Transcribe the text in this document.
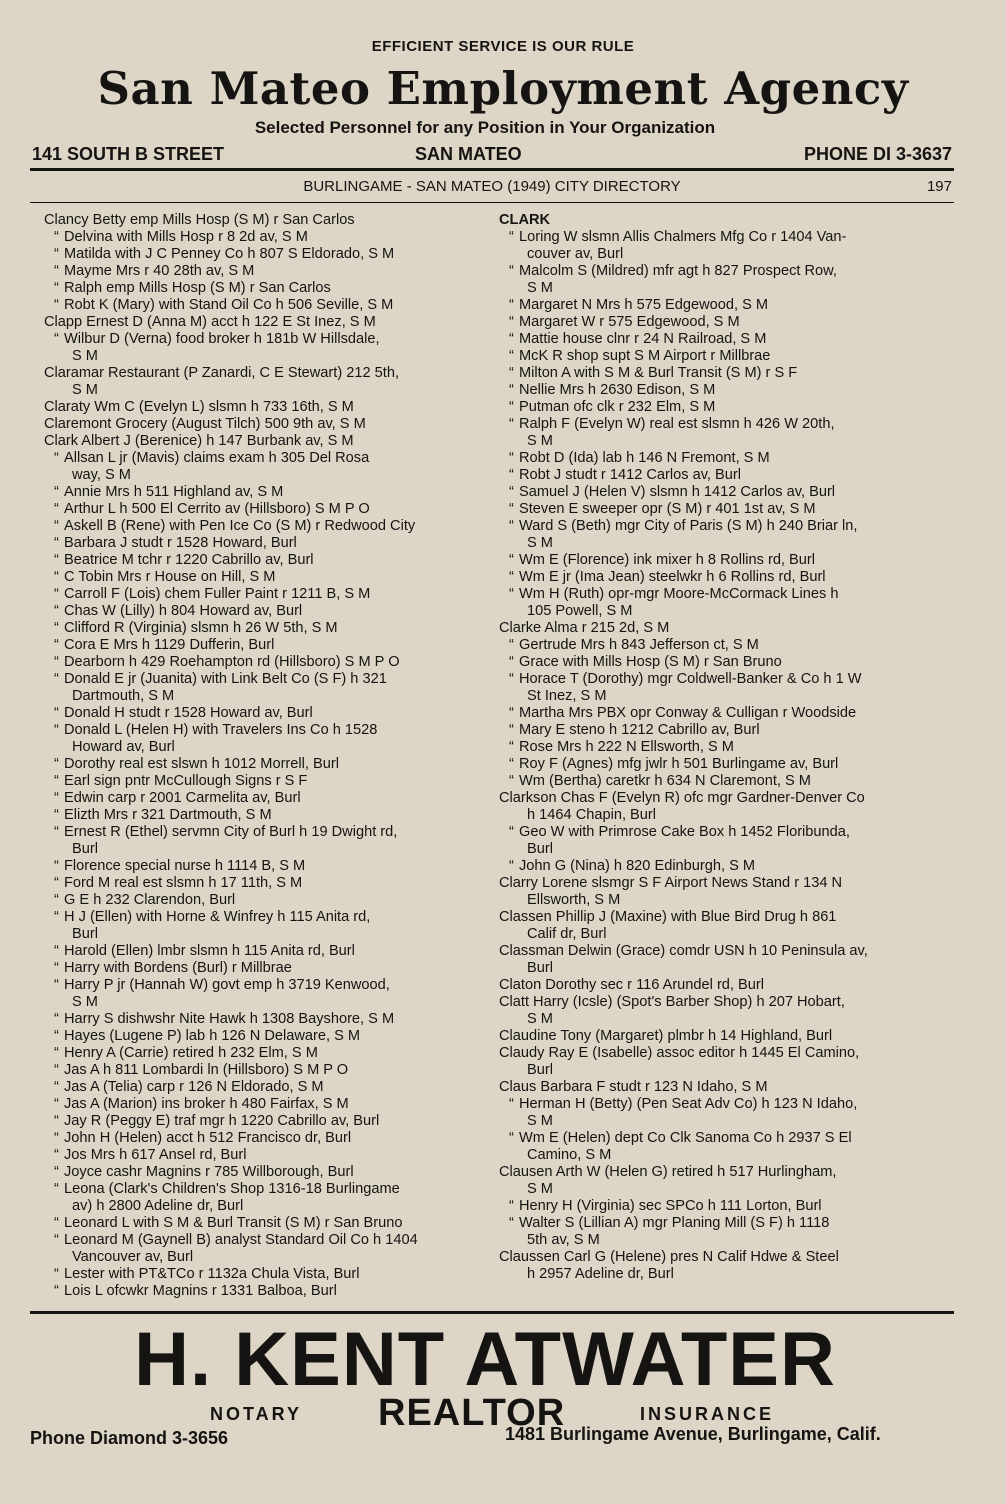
EFFICIENT SERVICE IS OUR RULE
San Mateo Employment Agency
Selected Personnel for any Position in Your Organization
141 SOUTH B STREET	SAN MATEO	PHONE DI 3-3637
BURLINGAME - SAN MATEO (1949) CITY DIRECTORY	197
Clancy Betty emp Mills Hosp (S M) r San Carlos
“ Delvina with Mills Hosp r 8 2d av, S M
“ Matilda with J C Penney Co h 807 S Eldorado, S M
“ Mayme Mrs r 40 28th av, S M
“ Ralph emp Mills Hosp (S M) r San Carlos
“ Robt K (Mary) with Stand Oil Co h 506 Seville, S M
Clapp Ernest D (Anna M) acct h 122 E St Inez, S M
“ Wilbur D (Verna) food broker h 181b W Hillsdale,
S M
Claramar Restaurant (P Zanardi, C E Stewart) 212 5th,
S M
Claraty Wm C (Evelyn L) slsmn h 733 16th, S M
Claremont Grocery (August Tilch) 500 9th av, S M
Clark Albert J (Berenice) h 147 Burbank av, S M
“ Allsan L jr (Mavis) claims exam h 305 Del Rosa
way, S M
“ Annie Mrs h 511 Highland av, S M
“ Arthur L h 500 El Cerrito av (Hillsboro) S M P O
“ Askell B (Rene) with Pen Ice Co (S M) r Redwood City
“ Barbara J studt r 1528 Howard, Burl
“ Beatrice M tchr r 1220 Cabrillo av, Burl
“ C Tobin Mrs r House on Hill, S M
“ Carroll F (Lois) chem Fuller Paint r 1211 B, S M
“ Chas W (Lilly) h 804 Howard av, Burl
“ Clifford R (Virginia) slsmn h 26 W 5th, S M
“ Cora E Mrs h 1129 Dufferin, Burl
“ Dearborn h 429 Roehampton rd (Hillsboro) S M P O
“ Donald E jr (Juanita) with Link Belt Co (S F) h 321
Dartmouth, S M
“ Donald H studt r 1528 Howard av, Burl
“ Donald L (Helen H) with Travelers Ins Co h 1528
Howard av, Burl
“ Dorothy real est slswn h 1012 Morrell, Burl
“ Earl sign pntr McCullough Signs r S F
“ Edwin carp r 2001 Carmelita av, Burl
“ Elizth Mrs r 321 Dartmouth, S M
“ Ernest R (Ethel) servmn City of Burl h 19 Dwight rd,
Burl
“ Florence special nurse h 1114 B, S M
“ Ford M real est slsmn h 17 11th, S M
“ G E h 232 Clarendon, Burl
“ H J (Ellen) with Horne & Winfrey h 115 Anita rd,
Burl
“ Harold (Ellen) lmbr slsmn h 115 Anita rd, Burl
“ Harry with Bordens (Burl) r Millbrae
“ Harry P jr (Hannah W) govt emp h 3719 Kenwood,
S M
“ Harry S dishwshr Nite Hawk h 1308 Bayshore, S M
“ Hayes (Lugene P) lab h 126 N Delaware, S M
“ Henry A (Carrie) retired h 232 Elm, S M
“ Jas A h 811 Lombardi ln (Hillsboro) S M P O
“ Jas A (Telia) carp r 126 N Eldorado, S M
“ Jas A (Marion) ins broker h 480 Fairfax, S M
“ Jay R (Peggy E) traf mgr h 1220 Cabrillo av, Burl
“ John H (Helen) acct h 512 Francisco dr, Burl
“ Jos Mrs h 617 Ansel rd, Burl
“ Joyce cashr Magnins r 785 Willborough, Burl
“ Leona (Clark's Children's Shop 1316-18 Burlingame
av) h 2800 Adeline dr, Burl
“ Leonard L with S M & Burl Transit (S M) r San Bruno
“ Leonard M (Gaynell B) analyst Standard Oil Co h 1404
Vancouver av, Burl
“ Lester with PT&TCo r 1132a Chula Vista, Burl
“ Lois L ofcwkr Magnins r 1331 Balboa, Burl
CLARK
“ Loring W slsmn Allis Chalmers Mfg Co r 1404 Van-
couver av, Burl
“ Malcolm S (Mildred) mfr agt h 827 Prospect Row,
S M
“ Margaret N Mrs h 575 Edgewood, S M
“ Margaret W r 575 Edgewood, S M
“ Mattie house clnr r 24 N Railroad, S M
“ McK R shop supt S M Airport r Millbrae
“ Milton A with S M & Burl Transit (S M) r S F
“ Nellie Mrs h 2630 Edison, S M
“ Putman ofc clk r 232 Elm, S M
“ Ralph F (Evelyn W) real est slsmn h 426 W 20th,
S M
“ Robt D (Ida) lab h 146 N Fremont, S M
“ Robt J studt r 1412 Carlos av, Burl
“ Samuel J (Helen V) slsmn h 1412 Carlos av, Burl
“ Steven E sweeper opr (S M) r 401 1st av, S M
“ Ward S (Beth) mgr City of Paris (S M) h 240 Briar ln,
S M
“ Wm E (Florence) ink mixer h 8 Rollins rd, Burl
“ Wm E jr (Ima Jean) steelwkr h 6 Rollins rd, Burl
“ Wm H (Ruth) opr-mgr Moore-McCormack Lines h
105 Powell, S M
Clarke Alma r 215 2d, S M
“ Gertrude Mrs h 843 Jefferson ct, S M
“ Grace with Mills Hosp (S M) r San Bruno
“ Horace T (Dorothy) mgr Coldwell-Banker & Co h 1 W
St Inez, S M
“ Martha Mrs PBX opr Conway & Culligan r Woodside
“ Mary E steno h 1212 Cabrillo av, Burl
“ Rose Mrs h 222 N Ellsworth, S M
“ Roy F (Agnes) mfg jwlr h 501 Burlingame av, Burl
“ Wm (Bertha) caretkr h 634 N Claremont, S M
Clarkson Chas F (Evelyn R) ofc mgr Gardner-Denver Co
h 1464 Chapin, Burl
“ Geo W with Primrose Cake Box h 1452 Floribunda,
Burl
“ John G (Nina) h 820 Edinburgh, S M
Clarry Lorene slsmgr S F Airport News Stand r 134 N
Ellsworth, S M
Classen Phillip J (Maxine) with Blue Bird Drug h 861
Calif dr, Burl
Classman Delwin (Grace) comdr USN h 10 Peninsula av,
Burl
Claton Dorothy sec r 116 Arundel rd, Burl
Clatt Harry (Icsle) (Spot's Barber Shop) h 207 Hobart,
S M
Claudine Tony (Margaret) plmbr h 14 Highland, Burl
Claudy Ray E (Isabelle) assoc editor h 1445 El Camino,
Burl
Claus Barbara F studt r 123 N Idaho, S M
“ Herman H (Betty) (Pen Seat Adv Co) h 123 N Idaho,
S M
“ Wm E (Helen) dept Co Clk Sanoma Co h 2937 S El
Camino, S M
Clausen Arth W (Helen G) retired h 517 Hurlingham,
S M
“ Henry H (Virginia) sec SPCo h 111 Lorton, Burl
“ Walter S (Lillian A) mgr Planing Mill (S F) h 1118
5th av, S M
Claussen Carl G (Helene) pres N Calif Hdwe & Steel
h 2957 Adeline dr, Burl
H. KENT ATWATER
NOTARY REALTOR	INSURANCE
Phone Diamond 3-3656	1481 Burlingame Avenue, Burlingame, Calif.
